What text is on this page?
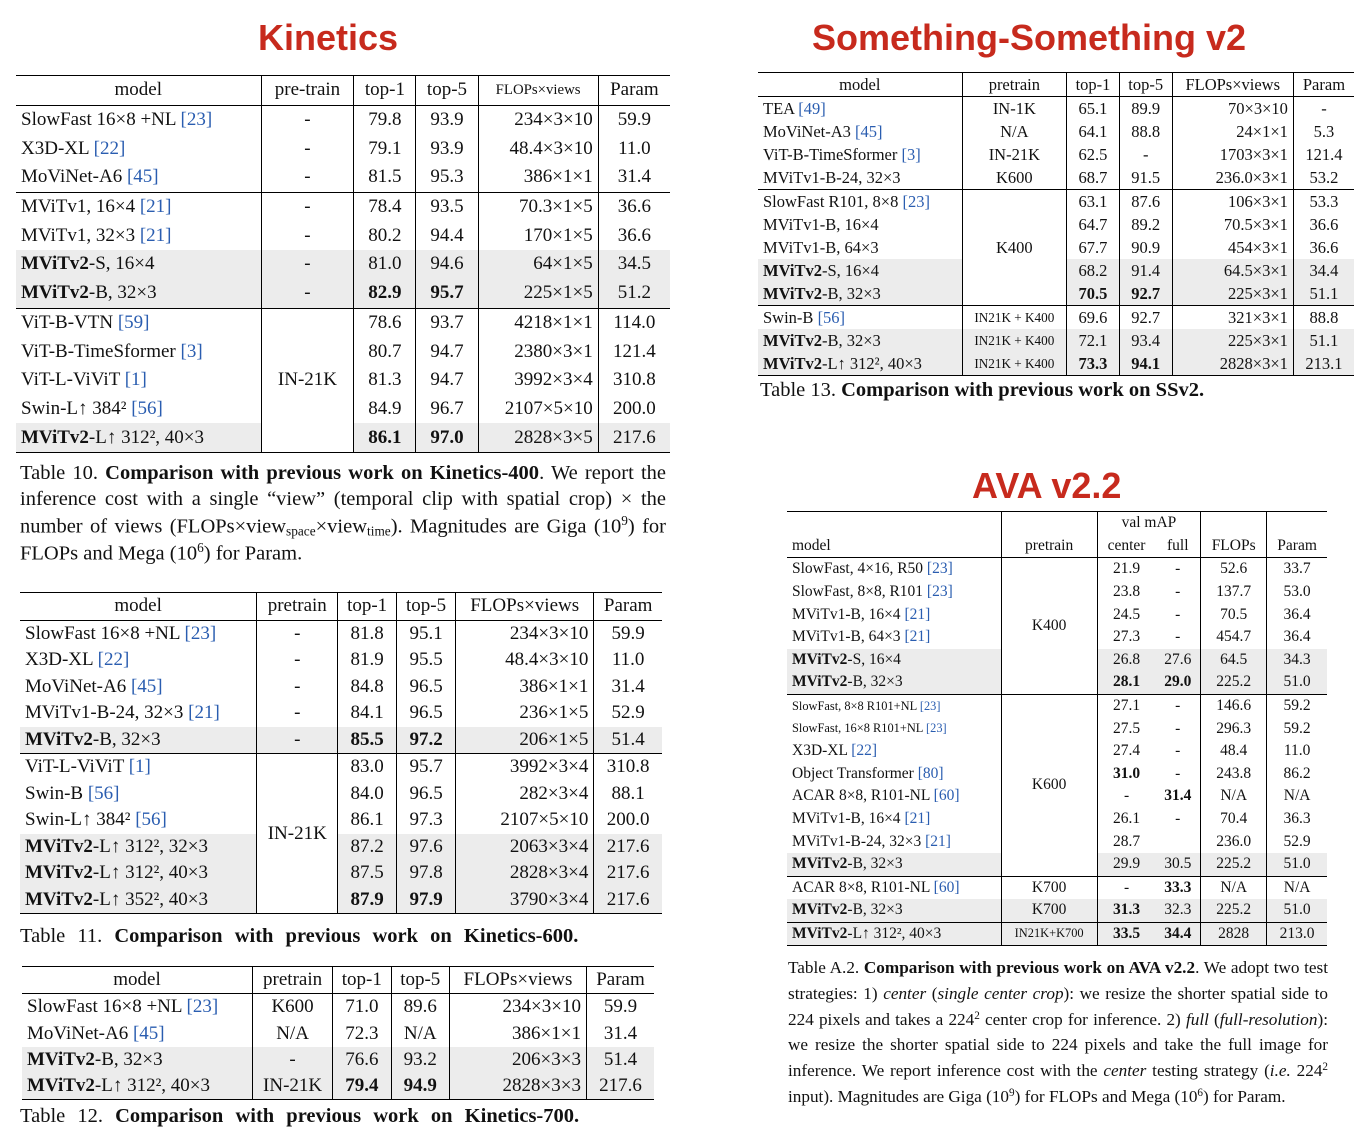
Kinetics	Something-Something v2
AVA v2.2
model	pre-train	top-1	top-5	FLOPs×views	Param
SlowFast 16×8 +NL [23]	-	79.8	93.9	234×3×10	59.9
X3D-XL [22]	-	79.1	93.9	48.4×3×10	11.0
MoViNet-A6 [45]	-	81.5	95.3	386×1×1	31.4
MViTv1, 16×4 [21]	-	78.4	93.5	70.3×1×5	36.6
MViTv1, 32×3 [21]	-	80.2	94.4	170×1×5	36.6
MViTv2-S, 16×4	-	81.0	94.6	64×1×5	34.5
MViTv2-B, 32×3	-	82.9	95.7	225×1×5	51.2
ViT-B-VTN [59]	IN-21K	78.6	93.7	4218×1×1	114.0
ViT-B-TimeSformer [3]		80.7	94.7	2380×3×1	121.4
ViT-L-ViViT [1]		81.3	94.7	3992×3×4	310.8
Swin-L↑ 384² [56]		84.9	96.7	2107×5×10	200.0
MViTv2-L↑ 312², 40×3		86.1	97.0	2828×3×5	217.6
Table 10. Comparison with previous work on Kinetics-400. We report the inference cost with a single “view” (temporal clip with spatial crop) × the number of views (FLOPs×view$_{space}$×view$_{time}$). Magnitudes are Giga $(10^9)$ for FLOPs and Mega $(10^6)$ for Param.
model	pretrain	top-1	top-5	FLOPs×views	Param
SlowFast 16×8 +NL [23]	-	81.8	95.1	234×3×10	59.9
X3D-XL [22]	-	81.9	95.5	48.4×3×10	11.0
MoViNet-A6 [45]	-	84.8	96.5	386×1×1	31.4
MViTv1-B-24, 32×3 [21]	-	84.1	96.5	236×1×5	52.9
MViTv2-B, 32×3	-	85.5	97.2	206×1×5	51.4
ViT-L-ViViT [1]	IN-21K	83.0	95.7	3992×3×4	310.8
Swin-B [56]		84.0	96.5	282×3×4	88.1
Swin-L↑ 384² [56]		86.1	97.3	2107×5×10	200.0
MViTv2-L↑ 312², 32×3		87.2	97.6	2063×3×4	217.6
MViTv2-L↑ 312², 40×3		87.5	97.8	2828×3×4	217.6
MViTv2-L↑ 352², 40×3		87.9	97.9	3790×3×4	217.6
Table 11. Comparison with previous work on Kinetics-600.
model	pretrain	top-1	top-5	FLOPs×views	Param
SlowFast 16×8 +NL [23]	K600	71.0	89.6	234×3×10	59.9
MoViNet-A6 [45]	N/A	72.3	N/A	386×1×1	31.4
MViTv2-B, 32×3	-	76.6	93.2	206×3×3	51.4
MViTv2-L↑ 312², 40×3	IN-21K	79.4	94.9	2828×3×3	217.6
Table 12. Comparison with previous work on Kinetics-700.
model	pretrain	top-1	top-5	FLOPs×views	Param
TEA [49]	IN-1K	65.1	89.9	70×3×10	-
MoViNet-A3 [45]	N/A	64.1	88.8	24×1×1	5.3
ViT-B-TimeSformer [3]	IN-21K	62.5	-	1703×3×1	121.4
MViTv1-B-24, 32×3	K600	68.7	91.5	236.0×3×1	53.2
SlowFast R101, 8×8 [23]	K400	63.1	87.6	106×3×1	53.3
MViTv1-B, 16×4		64.7	89.2	70.5×3×1	36.6
MViTv1-B, 64×3		67.7	90.9	454×3×1	36.6
MViTv2-S, 16×4		68.2	91.4	64.5×3×1	34.4
MViTv2-B, 32×3		70.5	92.7	225×3×1	51.1
Swin-B [56]	IN21K + K400	69.6	92.7	321×3×1	88.8
MViTv2-B, 32×3	IN21K + K400	72.1	93.4	225×3×1	51.1
MViTv2-L↑ 312², 40×3	IN21K + K400	73.3	94.1	2828×3×1	213.1
Table 13. Comparison with previous work on SSv2.
		val mAP			
model	pretrain	center	full	FLOPs	Param
SlowFast, 4×16, R50 [23]	K400	21.9	-	52.6	33.7
SlowFast, 8×8, R101 [23]		23.8	-	137.7	53.0
MViTv1-B, 16×4 [21]		24.5	-	70.5	36.4
MViTv1-B, 64×3 [21]		27.3	-	454.7	36.4
MViTv2-S, 16×4		26.8	27.6	64.5	34.3
MViTv2-B, 32×3		28.1	29.0	225.2	51.0
SlowFast, 8×8 R101+NL [23]	K600	27.1	-	146.6	59.2
SlowFast, 16×8 R101+NL [23]		27.5	-	296.3	59.2
X3D-XL [22]		27.4	-	48.4	11.0
Object Transformer [80]		31.0	-	243.8	86.2
ACAR 8×8, R101-NL [60]		-	31.4	N/A	N/A
MViTv1-B, 16×4 [21]		26.1	-	70.4	36.3
MViTv1-B-24, 32×3 [21]		28.7		236.0	52.9
MViTv2-B, 32×3		29.9	30.5	225.2	51.0
ACAR 8×8, R101-NL [60]	K700	-	33.3	N/A	N/A
MViTv2-B, 32×3	K700	31.3	32.3	225.2	51.0
MViTv2-L↑ 312², 40×3	IN21K+K700	33.5	34.4	2828	213.0
Table A.2. Comparison with previous work on AVA v2.2. We adopt two test strategies: 1) center (single center crop): we resize the shorter spatial side to 224 pixels and takes a $224^2$ center crop for inference. 2) full (full-resolution): we resize the shorter spatial side to 224 pixels and take the full image for inference. We report inference cost with the center testing strategy (i.e. $224^2$ input). Magnitudes are Giga $(10^9)$ for FLOPs and Mega $(10^6)$ for Param.
